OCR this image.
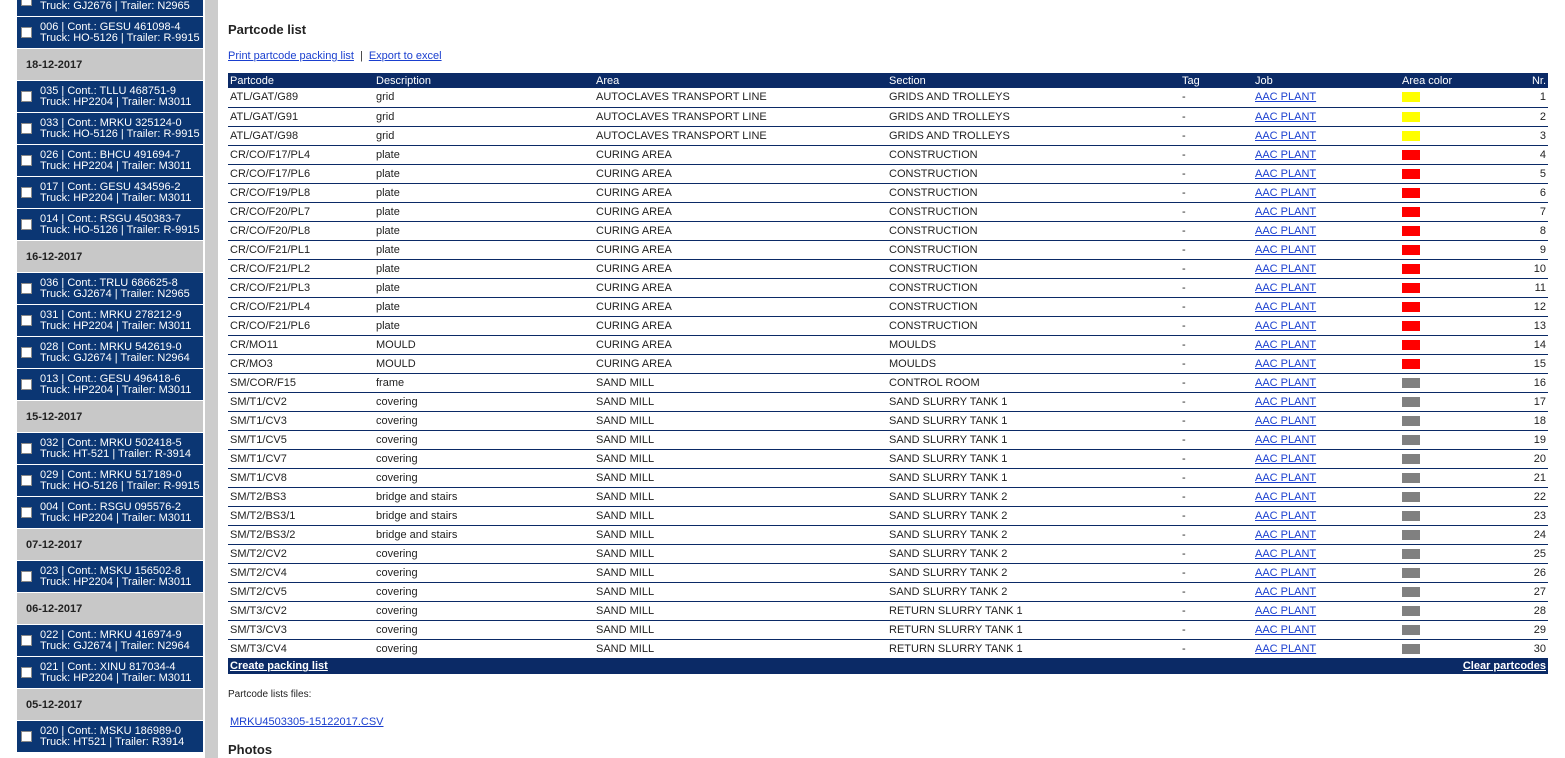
Truck: GJ2676 | Trailer: N2965
006 | Cont.: GESU 461098-4
Truck: HO-5126 | Trailer: R-9915
18-12-2017
035 | Cont.: TLLU 468751-9
Truck: HP2204 | Trailer: M3011
033 | Cont.: MRKU 325124-0
Truck: HO-5126 | Trailer: R-9915
026 | Cont.: BHCU 491694-7
Truck: HP2204 | Trailer: M3011
017 | Cont.: GESU 434596-2
Truck: HP2204 | Trailer: M3011
014 | Cont.: RSGU 450383-7
Truck: HO-5126 | Trailer: R-9915
16-12-2017
036 | Cont.: TRLU 686625-8
Truck: GJ2674 | Trailer: N2965
031 | Cont.: MRKU 278212-9
Truck: HP2204 | Trailer: M3011
028 | Cont.: MRKU 542619-0
Truck: GJ2674 | Trailer: N2964
013 | Cont.: GESU 496418-6
Truck: HP2204 | Trailer: M3011
15-12-2017
032 | Cont.: MRKU 502418-5
Truck: HT-521 | Trailer: R-3914
029 | Cont.: MRKU 517189-0
Truck: HO-5126 | Trailer: R-9915
004 | Cont.: RSGU 095576-2
Truck: HP2204 | Trailer: M3011
07-12-2017
023 | Cont.: MSKU 156502-8
Truck: HP2204 | Trailer: M3011
06-12-2017
022 | Cont.: MRKU 416974-9
Truck: GJ2674 | Trailer: N2964
021 | Cont.: XINU 817034-4
Truck: HP2204 | Trailer: M3011
05-12-2017
020 | Cont.: MSKU 186989-0
Truck: HT521 | Trailer: R3914
Partcode list
Print partcode packing list | Export to excel
Partcode	Description	Area	Section	Tag	Job	Area color	Nr.
ATL/GAT/G89	grid	AUTOCLAVES TRANSPORT LINE	GRIDS AND TROLLEYS	-	AAC PLANT		1
ATL/GAT/G91	grid	AUTOCLAVES TRANSPORT LINE	GRIDS AND TROLLEYS	-	AAC PLANT		2
ATL/GAT/G98	grid	AUTOCLAVES TRANSPORT LINE	GRIDS AND TROLLEYS	-	AAC PLANT		3
CR/CO/F17/PL4	plate	CURING AREA	CONSTRUCTION	-	AAC PLANT		4
CR/CO/F17/PL6	plate	CURING AREA	CONSTRUCTION	-	AAC PLANT		5
CR/CO/F19/PL8	plate	CURING AREA	CONSTRUCTION	-	AAC PLANT		6
CR/CO/F20/PL7	plate	CURING AREA	CONSTRUCTION	-	AAC PLANT		7
CR/CO/F20/PL8	plate	CURING AREA	CONSTRUCTION	-	AAC PLANT		8
CR/CO/F21/PL1	plate	CURING AREA	CONSTRUCTION	-	AAC PLANT		9
CR/CO/F21/PL2	plate	CURING AREA	CONSTRUCTION	-	AAC PLANT		10
CR/CO/F21/PL3	plate	CURING AREA	CONSTRUCTION	-	AAC PLANT		11
CR/CO/F21/PL4	plate	CURING AREA	CONSTRUCTION	-	AAC PLANT		12
CR/CO/F21/PL6	plate	CURING AREA	CONSTRUCTION	-	AAC PLANT		13
CR/MO11	MOULD	CURING AREA	MOULDS	-	AAC PLANT		14
CR/MO3	MOULD	CURING AREA	MOULDS	-	AAC PLANT		15
SM/COR/F15	frame	SAND MILL	CONTROL ROOM	-	AAC PLANT		16
SM/T1/CV2	covering	SAND MILL	SAND SLURRY TANK 1	-	AAC PLANT		17
SM/T1/CV3	covering	SAND MILL	SAND SLURRY TANK 1	-	AAC PLANT		18
SM/T1/CV5	covering	SAND MILL	SAND SLURRY TANK 1	-	AAC PLANT		19
SM/T1/CV7	covering	SAND MILL	SAND SLURRY TANK 1	-	AAC PLANT		20
SM/T1/CV8	covering	SAND MILL	SAND SLURRY TANK 1	-	AAC PLANT		21
SM/T2/BS3	bridge and stairs	SAND MILL	SAND SLURRY TANK 2	-	AAC PLANT		22
SM/T2/BS3/1	bridge and stairs	SAND MILL	SAND SLURRY TANK 2	-	AAC PLANT		23
SM/T2/BS3/2	bridge and stairs	SAND MILL	SAND SLURRY TANK 2	-	AAC PLANT		24
SM/T2/CV2	covering	SAND MILL	SAND SLURRY TANK 2	-	AAC PLANT		25
SM/T2/CV4	covering	SAND MILL	SAND SLURRY TANK 2	-	AAC PLANT		26
SM/T2/CV5	covering	SAND MILL	SAND SLURRY TANK 2	-	AAC PLANT		27
SM/T3/CV2	covering	SAND MILL	RETURN SLURRY TANK 1	-	AAC PLANT		28
SM/T3/CV3	covering	SAND MILL	RETURN SLURRY TANK 1	-	AAC PLANT		29
SM/T3/CV4	covering	SAND MILL	RETURN SLURRY TANK 1	-	AAC PLANT		30
Create packing list				Clear partcodes			
Partcode lists files:
MRKU4503305-15122017.CSV
Photos
